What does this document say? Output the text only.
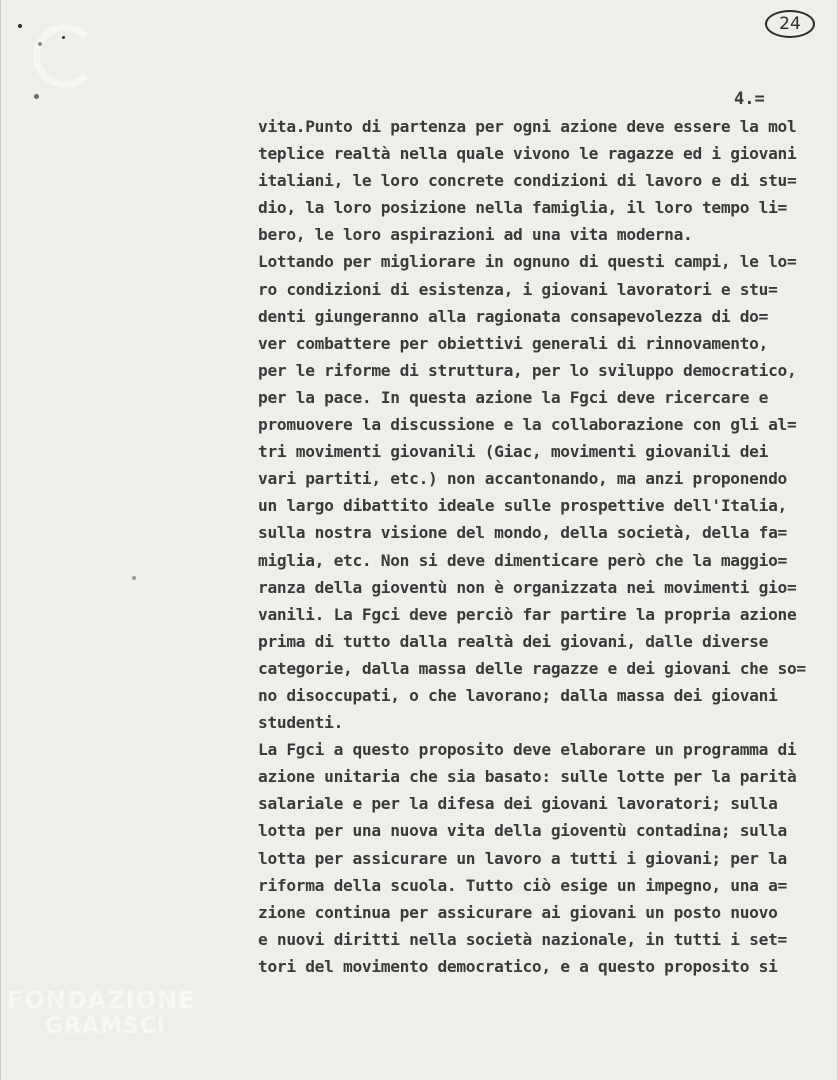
24
4.=
vita.Punto di partenza per ogni azione deve essere la mol
teplice realtà nella quale vivono le ragazze ed i giovani
italiani, le loro concrete condizioni di lavoro e di stu=
dio, la loro posizione nella famiglia, il loro tempo li=
bero, le loro aspirazioni ad una vita moderna.
Lottando per migliorare in ognuno di questi campi, le lo=
ro condizioni di esistenza, i giovani lavoratori e stu=
denti giungeranno alla ragionata consapevolezza di do=
ver combattere per obiettivi generali di rinnovamento,
per le riforme di struttura, per lo sviluppo democratico,
per la pace. In questa azione la Fgci deve ricercare e
promuovere la discussione e la collaborazione con gli al=
tri movimenti giovanili (Giac, movimenti giovanili dei
vari partiti, etc.) non accantonando, ma anzi proponendo
un largo dibattito ideale sulle prospettive dell'Italia,
sulla nostra visione del mondo, della società, della fa=
miglia, etc. Non si deve dimenticare però che la maggio=
ranza della gioventù non è organizzata nei movimenti gio=
vanili. La Fgci deve perciò far partire la propria azione
prima di tutto dalla realtà dei giovani, dalle diverse
categorie, dalla massa delle ragazze e dei giovani che so=
no disoccupati, o che lavorano; dalla massa dei giovani
studenti.
La Fgci a questo proposito deve elaborare un programma di
azione unitaria che sia basato: sulle lotte per la parità
salariale e per la difesa dei giovani lavoratori; sulla
lotta per una nuova vita della gioventù contadina; sulla
lotta per assicurare un lavoro a tutti i giovani; per la
riforma della scuola. Tutto ciò esige un impegno, una a=
zione continua per assicurare ai giovani un posto nuovo
e nuovi diritti nella società nazionale, in tutti i set=
tori del movimento democratico, e a questo proposito si
FONDAZIONE
GRAMSCI
